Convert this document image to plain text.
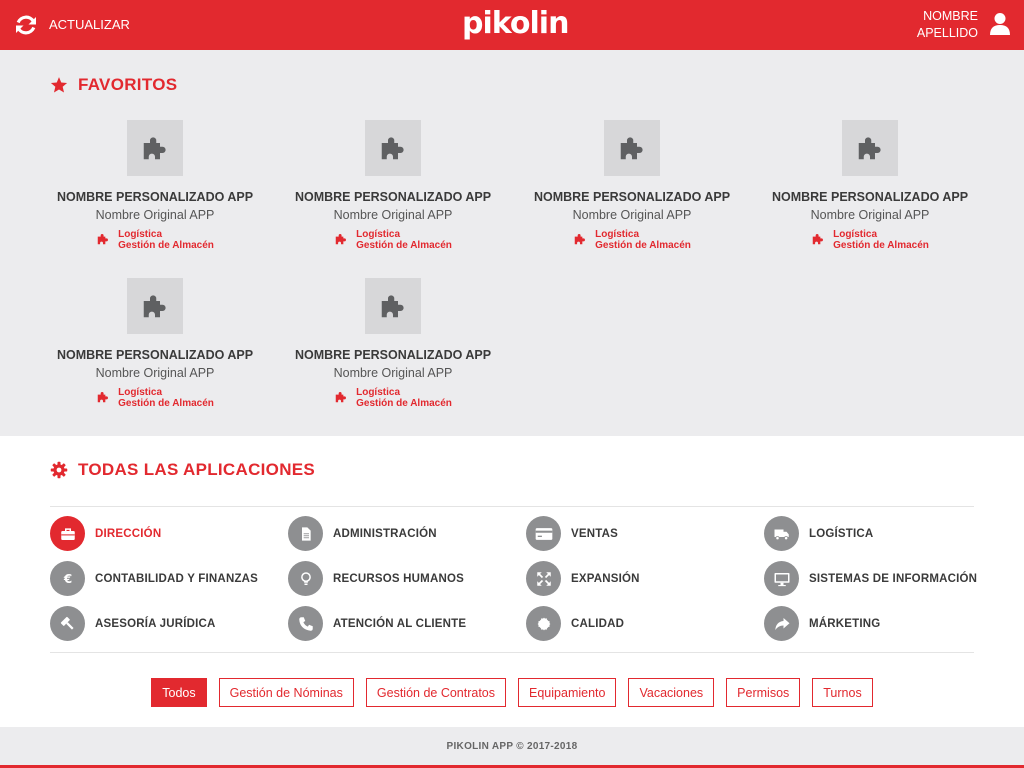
ACTUALIZAR	pikolin	NOMBRE
APELLIDO
FAVORITOS
NOMBRE PERSONALIZADO APP
Nombre Original APP
Logística
Gestión de Almacén
NOMBRE PERSONALIZADO APP
Nombre Original APP
Logística
Gestión de Almacén
NOMBRE PERSONALIZADO APP
Nombre Original APP
Logística
Gestión de Almacén
NOMBRE PERSONALIZADO APP
Nombre Original APP
Logística
Gestión de Almacén
NOMBRE PERSONALIZADO APP
Nombre Original APP
Logística
Gestión de Almacén
NOMBRE PERSONALIZADO APP
Nombre Original APP
Logística
Gestión de Almacén
TODAS LAS APLICACIONES
DIRECCIÓN	ADMINISTRACIÓN	VENTAS	LOGÍSTICA
€ CONTABILIDAD Y FINANZAS	RECURSOS HUMANOS	EXPANSIÓN	SISTEMAS DE INFORMACIÓN
ASESORÍA JURÍDICA	ATENCIÓN AL CLIENTE	CALIDAD	MÁRKETING
Todos	Gestión de Nóminas	Gestión de Contratos	Equipamiento	Vacaciones	Permisos	Turnos
PIKOLIN APP © 2017-2018
